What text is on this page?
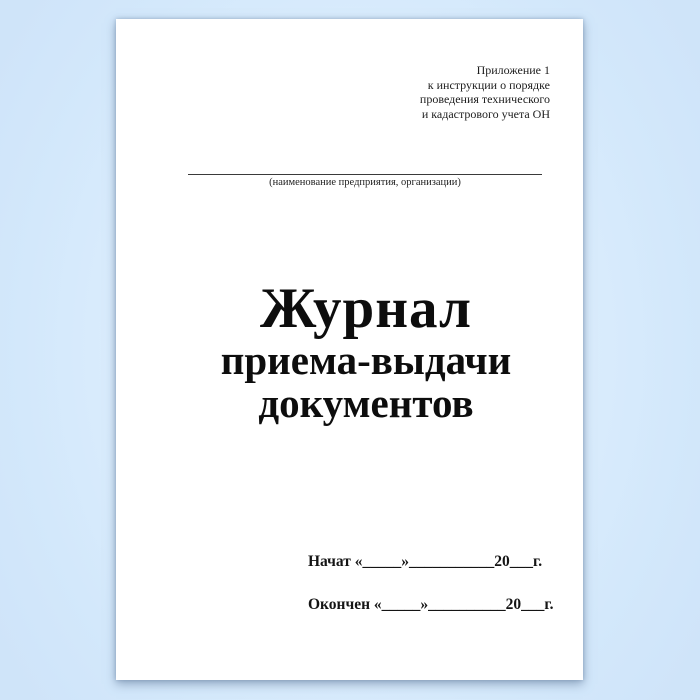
Приложение 1
к инструкции о порядке
проведения технического
и кадастрового учета ОН
(наименование предприятия, организации)
Журнал
приема-выдачи
документов
Начат «_____»___________20___г.
Окончен «_____»__________20___г.
